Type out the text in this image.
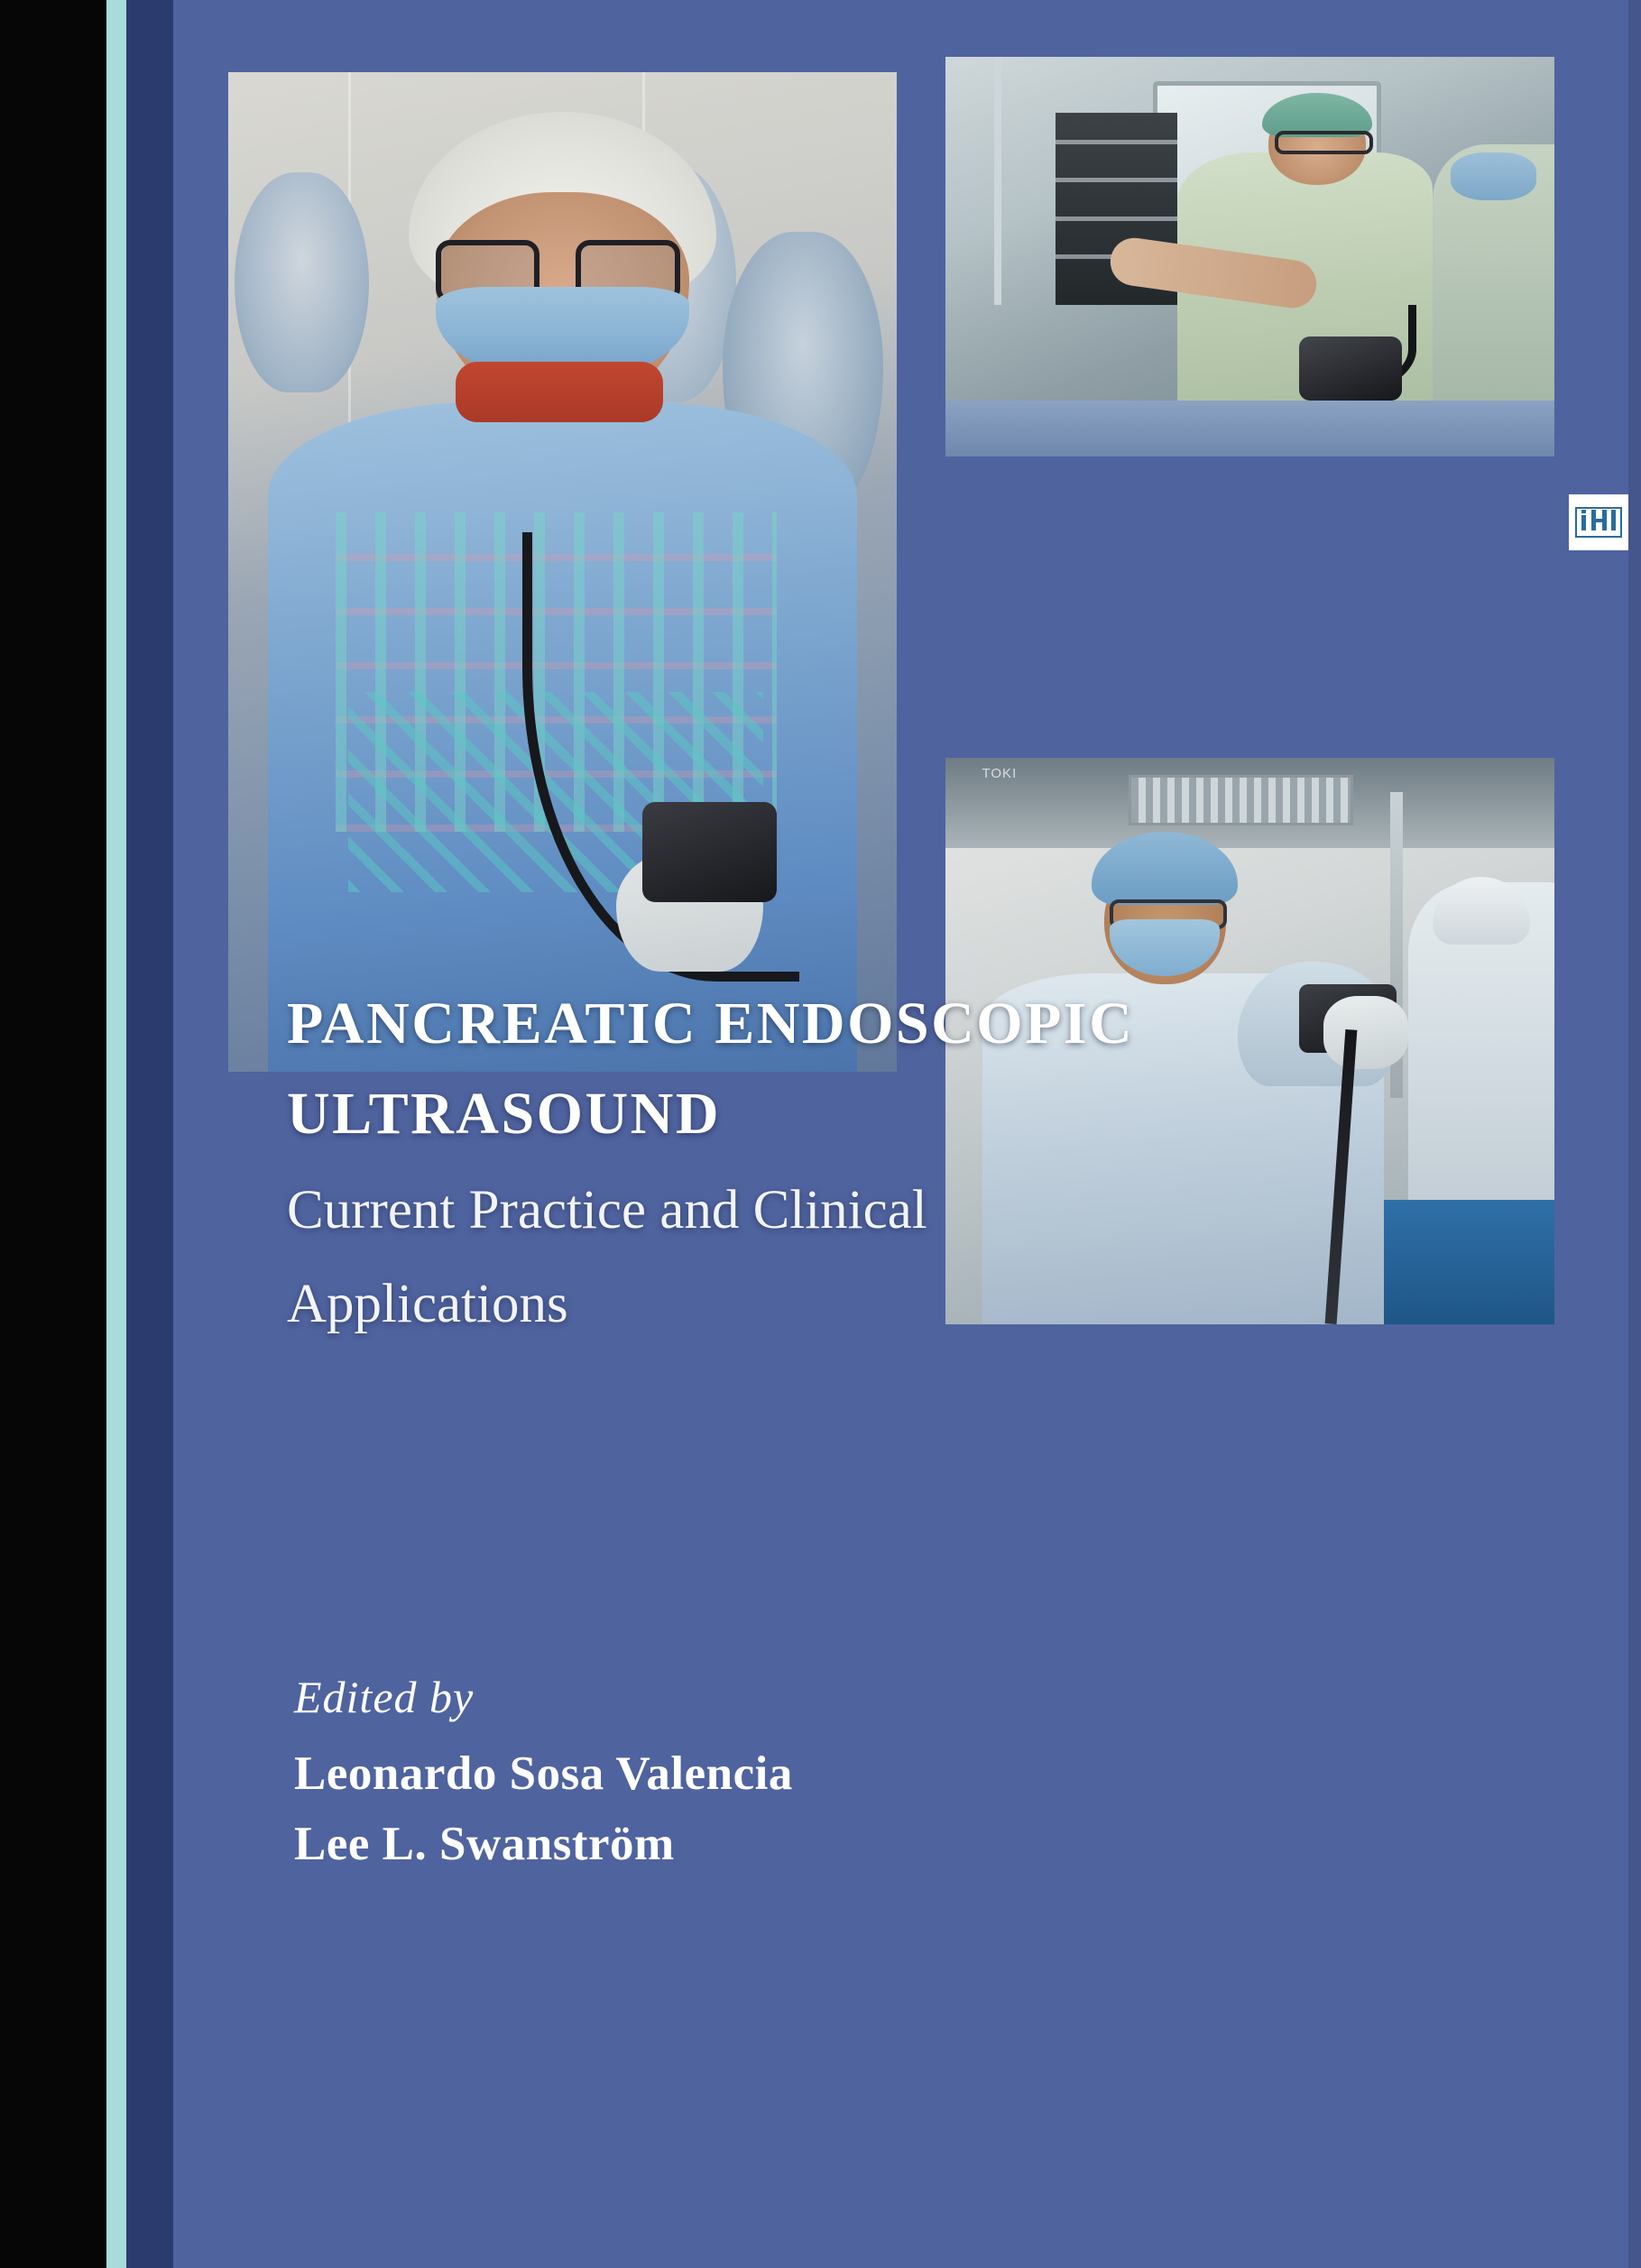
TOKI
PANCREATIC ENDOSCOPIC
ULTRASOUND

Current Practice and Clinical

Applications

Edited by

Leonardo Sosa Valencia

Lee L. Swanström
